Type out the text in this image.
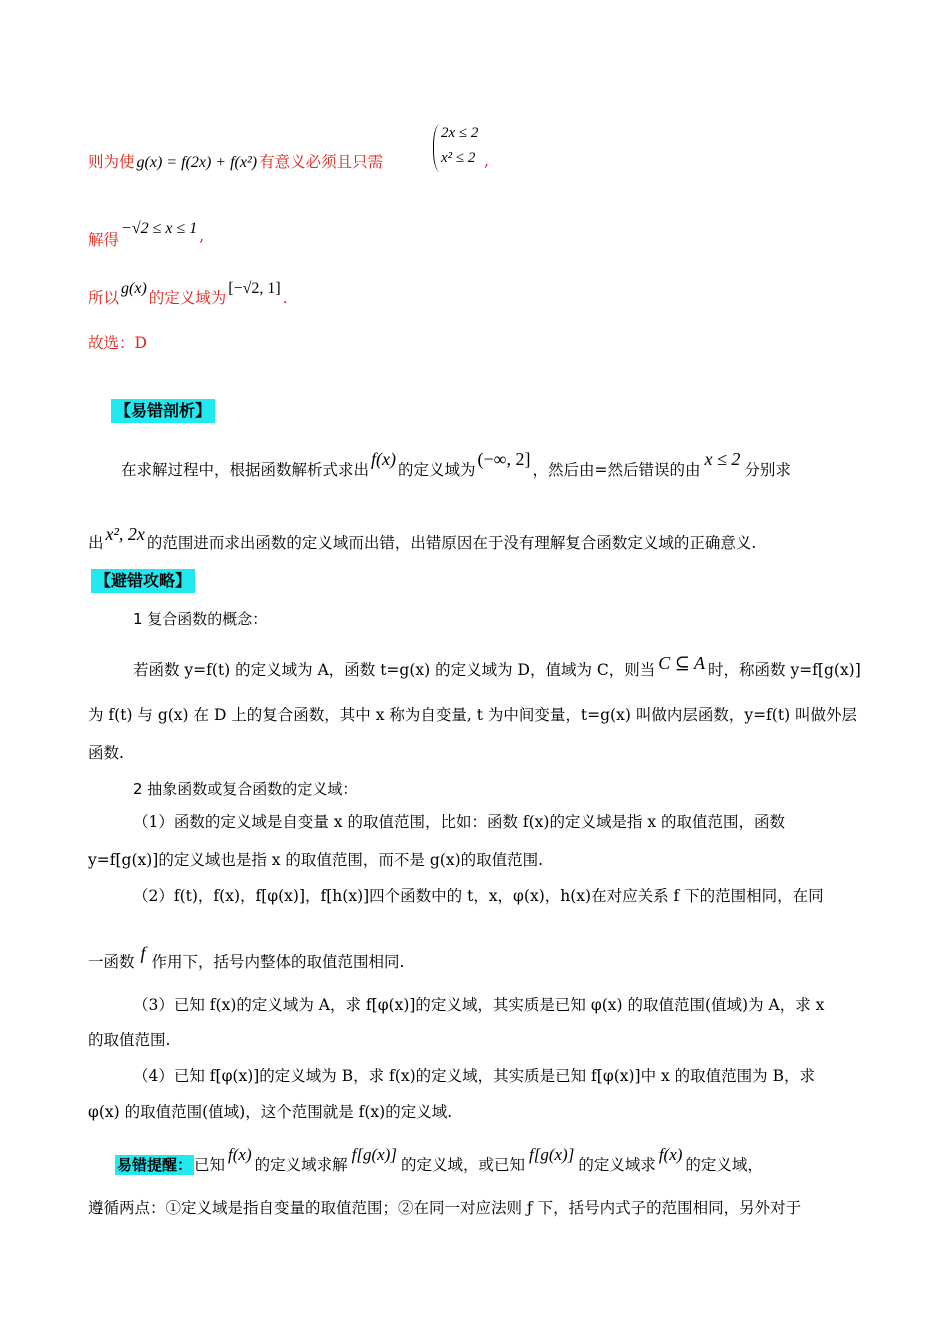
则为使 g(x) = f(2x) + f(x²) 有意义必须且只需
2x ≤ 2
x² ≤ 2 ,
解得−√2 ≤ x ≤ 1 ,
所以g(x)的定义域为[−√2, 1].
故选：D
【易错剖析】
在求解过程中，根据函数解析式求出f(x)的定义域为(−∞, 2]，然后由=然后错误的由x ≤ 2分别求
出 x², 2x 的范围进而求出函数的定义域而出错，出错原因在于没有理解复合函数定义域的正确意义.
【避错攻略】
1 复合函数的概念：
若函数 y=f(t) 的定义域为 A，函数 t=g(x) 的定义域为 D，值域为 C，则当 C ⊆ A 时，称函数 y=f[g(x)]
为 f(t) 与 g(x) 在 D 上的复合函数，其中 x 称为自变量, t 为中间变量，t=g(x) 叫做内层函数，y=f(t) 叫做外层
函数.
2 抽象函数或复合函数的定义域：
（1）函数的定义域是自变量 x 的取值范围，比如：函数 f(x)的定义域是指 x 的取值范围，函数
y=f[g(x)]的定义域也是指 x 的取值范围，而不是 g(x)的取值范围.
（2）f(t)，f(x)，f[φ(x)]，f[h(x)]四个函数中的 t，x，φ(x)，h(x)在对应关系 f 下的范围相同，在同
一函数 f 作用下，括号内整体的取值范围相同.
（3）已知 f(x)的定义域为 A，求 f[φ(x)]的定义域，其实质是已知 φ(x) 的取值范围(值域)为 A，求 x
的取值范围.
（4）已知 f[φ(x)]的定义域为 B，求 f(x)的定义域，其实质是已知 f[φ(x)]中 x 的取值范围为 B，求
φ(x) 的取值范围(值域)，这个范围就是 f(x)的定义域.
易错提醒： 已知f(x)的定义域求解f[g(x)]的定义域，或已知f[g(x)]的定义域求f(x)的定义域，
遵循两点：①定义域是指自变量的取值范围；②在同一对应法则 ƒ 下，括号内式子的范围相同，另外对于
